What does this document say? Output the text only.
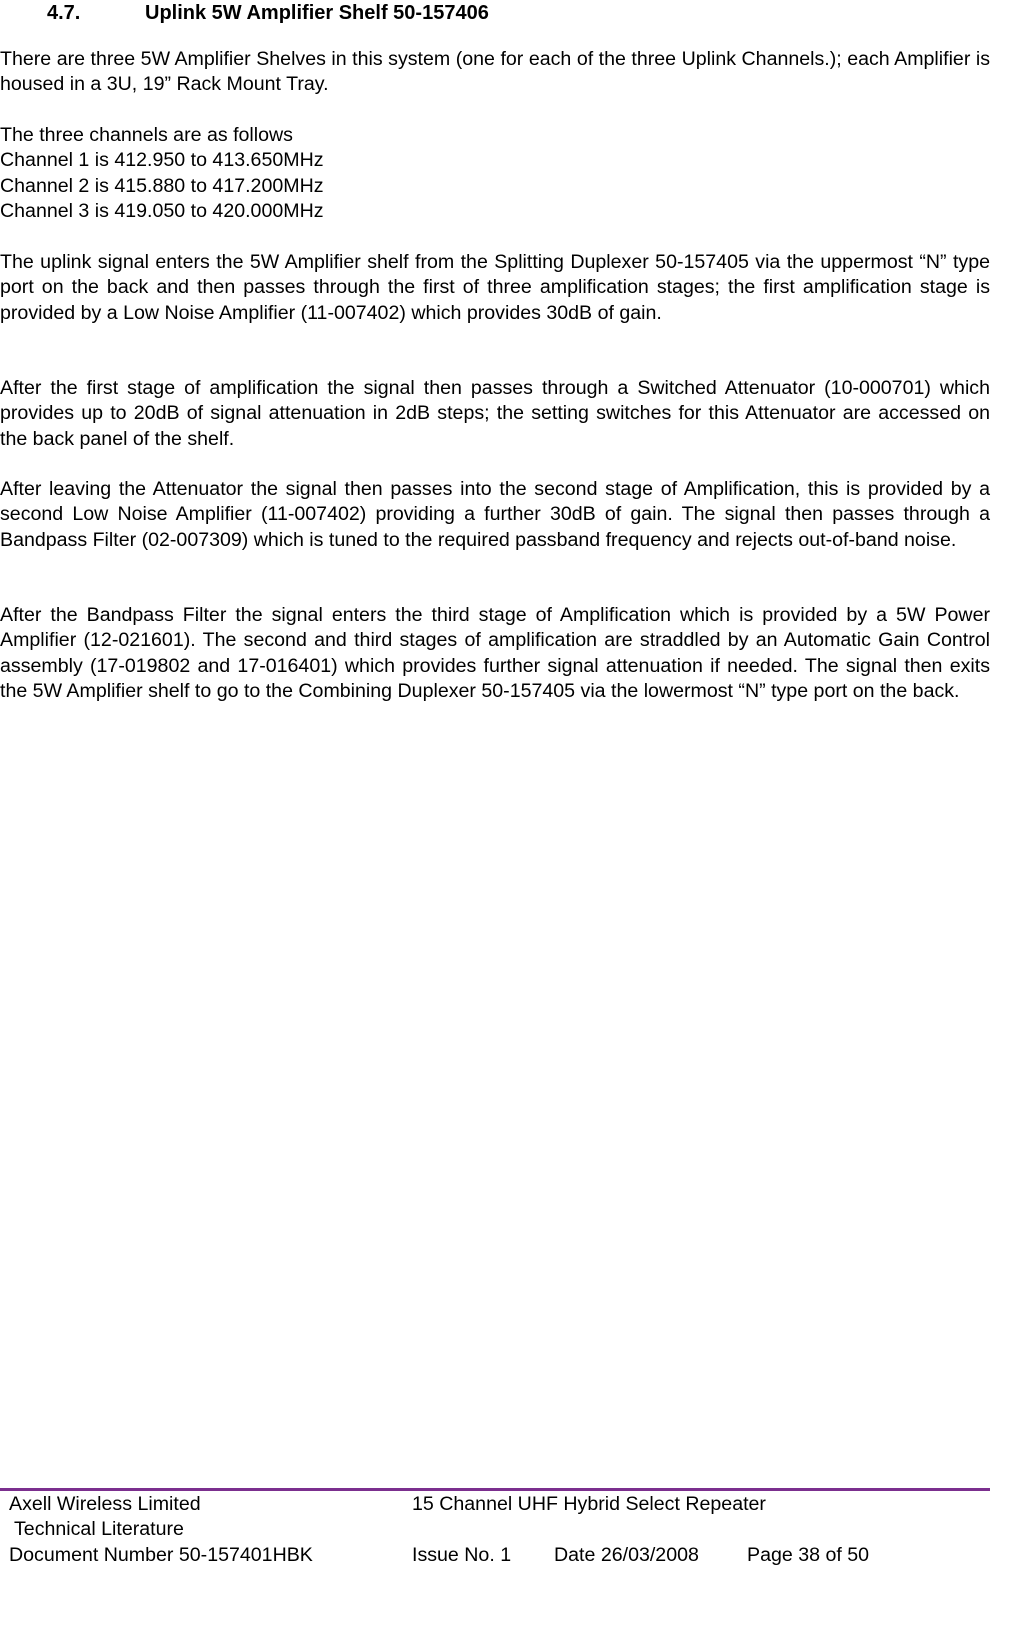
4.7.	Uplink 5W Amplifier Shelf 50-157406

There are three 5W Amplifier Shelves in this system (one for each of the three Uplink Channels.); each Amplifier is housed in a 3U, 19” Rack Mount Tray.

The three channels are as follows
Channel 1 is 412.950 to 413.650MHz
Channel 2 is 415.880 to 417.200MHz
Channel 3 is 419.050 to 420.000MHz

The uplink signal enters the 5W Amplifier shelf from the Splitting Duplexer 50-157405 via the uppermost “N” type port on the back and then passes through the first of three amplification stages; the first amplification stage is provided by a Low Noise Amplifier (11-007402) which provides 30dB of gain.

After the first stage of amplification the signal then passes through a Switched Attenuator (10-000701) which provides up to 20dB of signal attenuation in 2dB steps; the setting switches for this Attenuator are accessed on the back panel of the shelf.

After leaving the Attenuator the signal then passes into the second stage of Amplification, this is provided by a second Low Noise Amplifier (11-007402) providing a further 30dB of gain. The signal then passes through a Bandpass Filter (02-007309) which is tuned to the required passband frequency and rejects out-of-band noise.

After the Bandpass Filter the signal enters the third stage of Amplification which is provided by a 5W Power Amplifier (12-021601). The second and third stages of amplification are straddled by an Automatic Gain Control assembly (17-019802 and 17-016401) which provides further signal attenuation if needed. The signal then exits the 5W Amplifier shelf to go to the Combining Duplexer 50-157405 via the lowermost “N” type port on the back.

Axell Wireless Limited	15 Channel UHF Hybrid Select Repeater
Technical Literature
Document Number 50-157401HBK	Issue No. 1 Date 26/03/2008 Page 38 of 50
